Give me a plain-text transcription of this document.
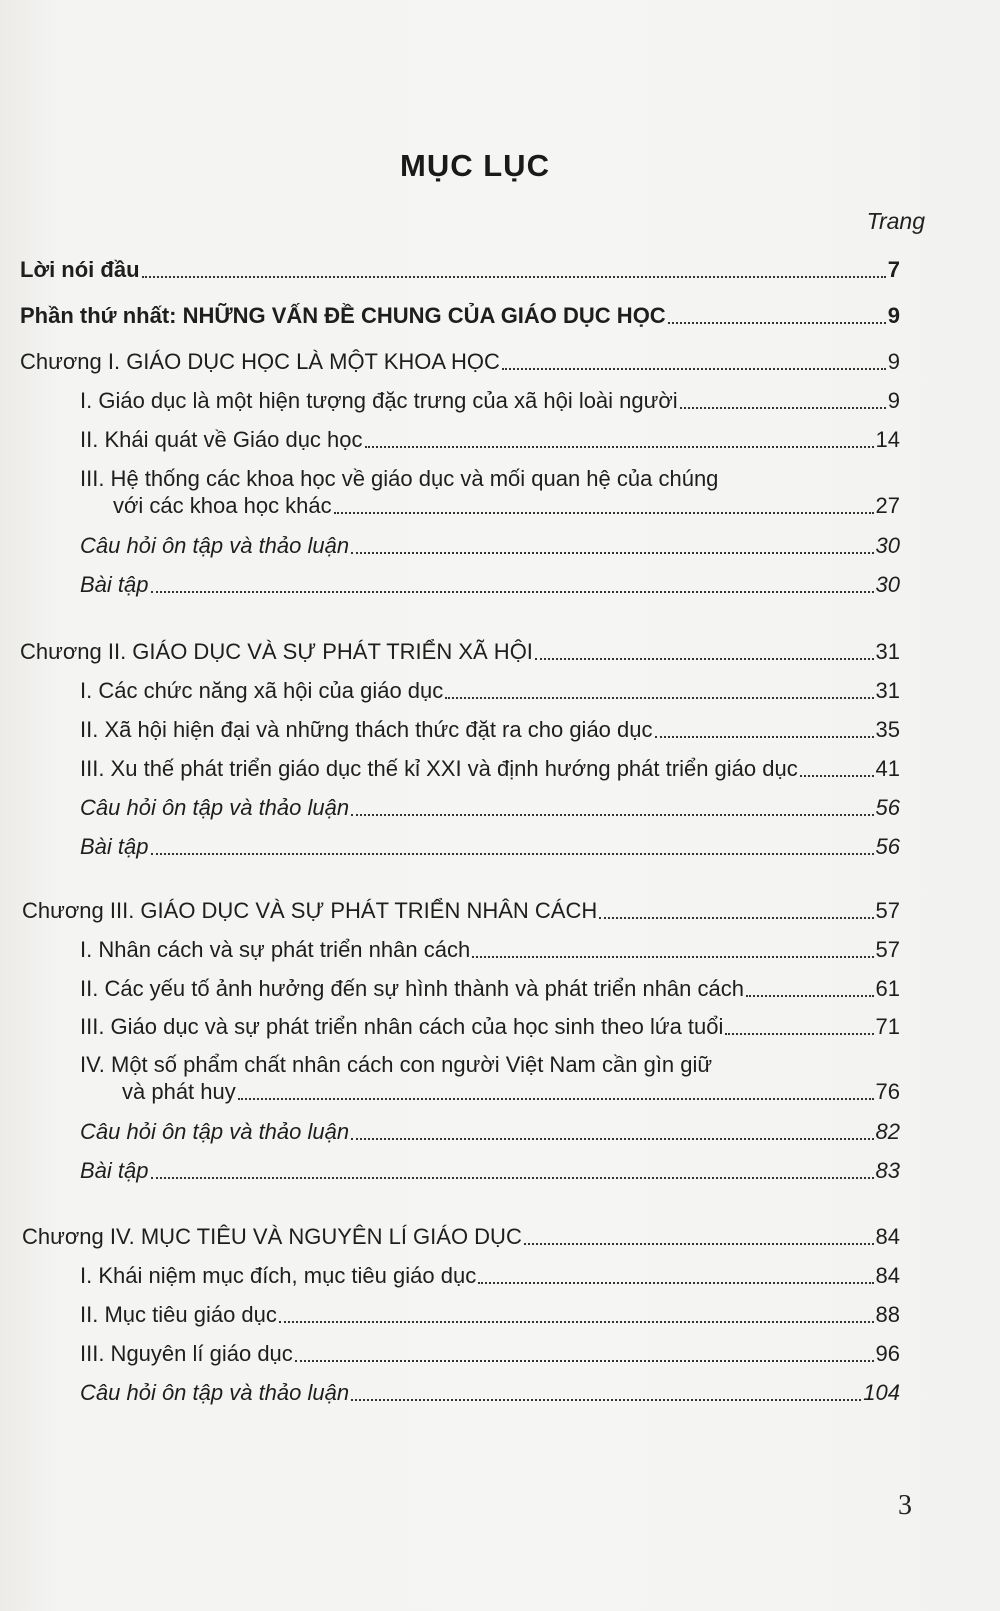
MỤC LỤC
Trang
Lời nói đầu	7
Phần thứ nhất: NHỮNG VẤN ĐỀ CHUNG CỦA GIÁO DỤC HỌC	9
Chương I. GIÁO DỤC HỌC LÀ MỘT KHOA HỌC	9
I. Giáo dục là một hiện tượng đặc trưng của xã hội loài người	9
II. Khái quát về Giáo dục học	14
III. Hệ thống các khoa học về giáo dục và mối quan hệ của chúng
với các khoa học khác	27
Câu hỏi ôn tập và thảo luận	30
Bài tập	30
Chương II. GIÁO DỤC VÀ SỰ PHÁT TRIỂN XÃ HỘI	31
I. Các chức năng xã hội của giáo dục	31
II. Xã hội hiện đại và những thách thức đặt ra cho giáo dục	35
III. Xu thế phát triển giáo dục thế kỉ XXI và định hướng phát triển giáo dục	41
Câu hỏi ôn tập và thảo luận	56
Bài tập	56
Chương III. GIÁO DỤC VÀ SỰ PHÁT TRIỂN NHÂN CÁCH	57
I. Nhân cách và sự phát triển nhân cách	57
II. Các yếu tố ảnh hưởng đến sự hình thành và phát triển nhân cách	61
III. Giáo dục và sự phát triển nhân cách của học sinh theo lứa tuổi	71
IV. Một số phẩm chất nhân cách con người Việt Nam cần gìn giữ
và phát huy	76
Câu hỏi ôn tập và thảo luận	82
Bài tập	83
Chương IV. MỤC TIÊU VÀ NGUYÊN LÍ GIÁO DỤC	84
I. Khái niệm mục đích, mục tiêu giáo dục	84
II. Mục tiêu giáo dục	88
III. Nguyên lí giáo dục	96
Câu hỏi ôn tập và thảo luận	104
3
